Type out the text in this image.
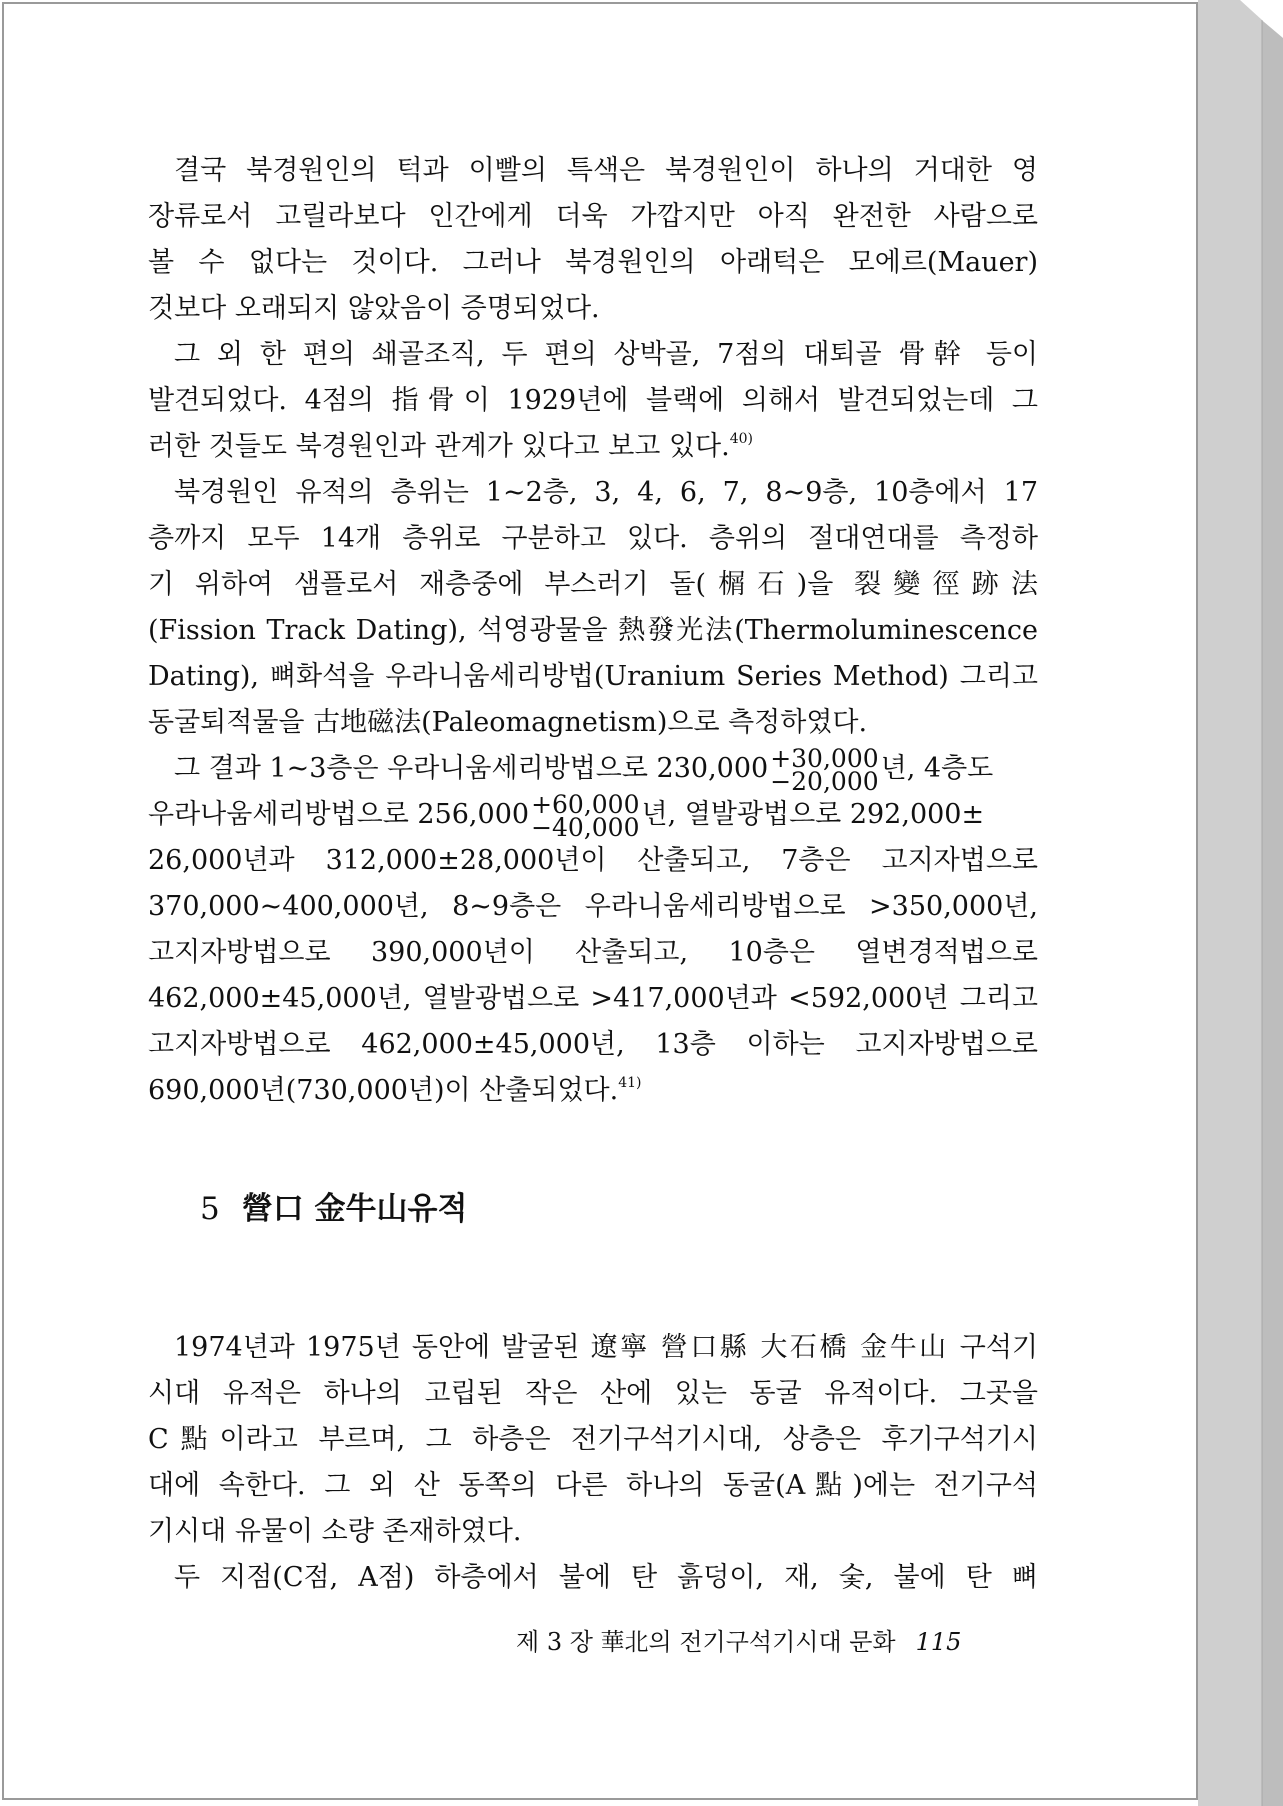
결국 북경원인의 턱과 이빨의 특색은 북경원인이 하나의 거대한 영
장류로서 고릴라보다 인간에게 더욱 가깝지만 아직 완전한 사람으로
볼 수 없다는 것이다. 그러나 북경원인의 아래턱은 모에르(Mauer)
것보다 오래되지 않았음이 증명되었다.
그 외 한 편의 쇄골조직, 두 편의 상박골, 7점의 대퇴골 骨幹 등이
발견되었다. 4점의 指骨이 1929년에 블랙에 의해서 발견되었는데 그
러한 것들도 북경원인과 관계가 있다고 보고 있다.$^{40)}$
북경원인 유적의 층위는 1~2층, 3, 4, 6, 7, 8~9층, 10층에서 17
층까지 모두 14개 층위로 구분하고 있다. 층위의 절대연대를 측정하
기 위하여 샘플로서 재층중에 부스러기 돌(榍石)을 裂變徑跡法
(Fission Track Dating), 석영광물을 熱發光法(Thermoluminescence
Dating), 뼈화석을 우라니움세리방법(Uranium Series Method) 그리고
동굴퇴적물을 古地磁法(Paleomagnetism)으로 측정하였다.
그 결과 1~3층은 우라니움세리방법으로 230,000 +30,000
−20,000 년, 4층도
우라나움세리방법으로 256,000 +60,000
−40,000 년, 열발광법으로 292,000±
26,000년과 312,000±28,000년이 산출되고, 7층은 고지자법으로
370,000~400,000년, 8~9층은 우라니움세리방법으로 >350,000년,
고지자방법으로 390,000년이 산출되고, 10층은 열변경적법으로
462,000±45,000년, 열발광법으로 >417,000년과 <592,000년 그리고
고지자방법으로 462,000±45,000년, 13층 이하는 고지자방법으로
690,000년(730,000년)이 산출되었다.$^{41)}$
5 營口 金牛山유적
1974년과 1975년 동안에 발굴된 遼寧 營口縣 大石橋 金牛山 구석기
시대 유적은 하나의 고립된 작은 산에 있는 동굴 유적이다. 그곳을
C點이라고 부르며, 그 하층은 전기구석기시대, 상층은 후기구석기시
대에 속한다. 그 외 산 동쪽의 다른 하나의 동굴(A點)에는 전기구석
기시대 유물이 소량 존재하였다.
두 지점(C점, A점) 하층에서 불에 탄 흙덩이, 재, 숯, 불에 탄 뼈
제 3 장 華北의 전기구석기시대 문화 115
